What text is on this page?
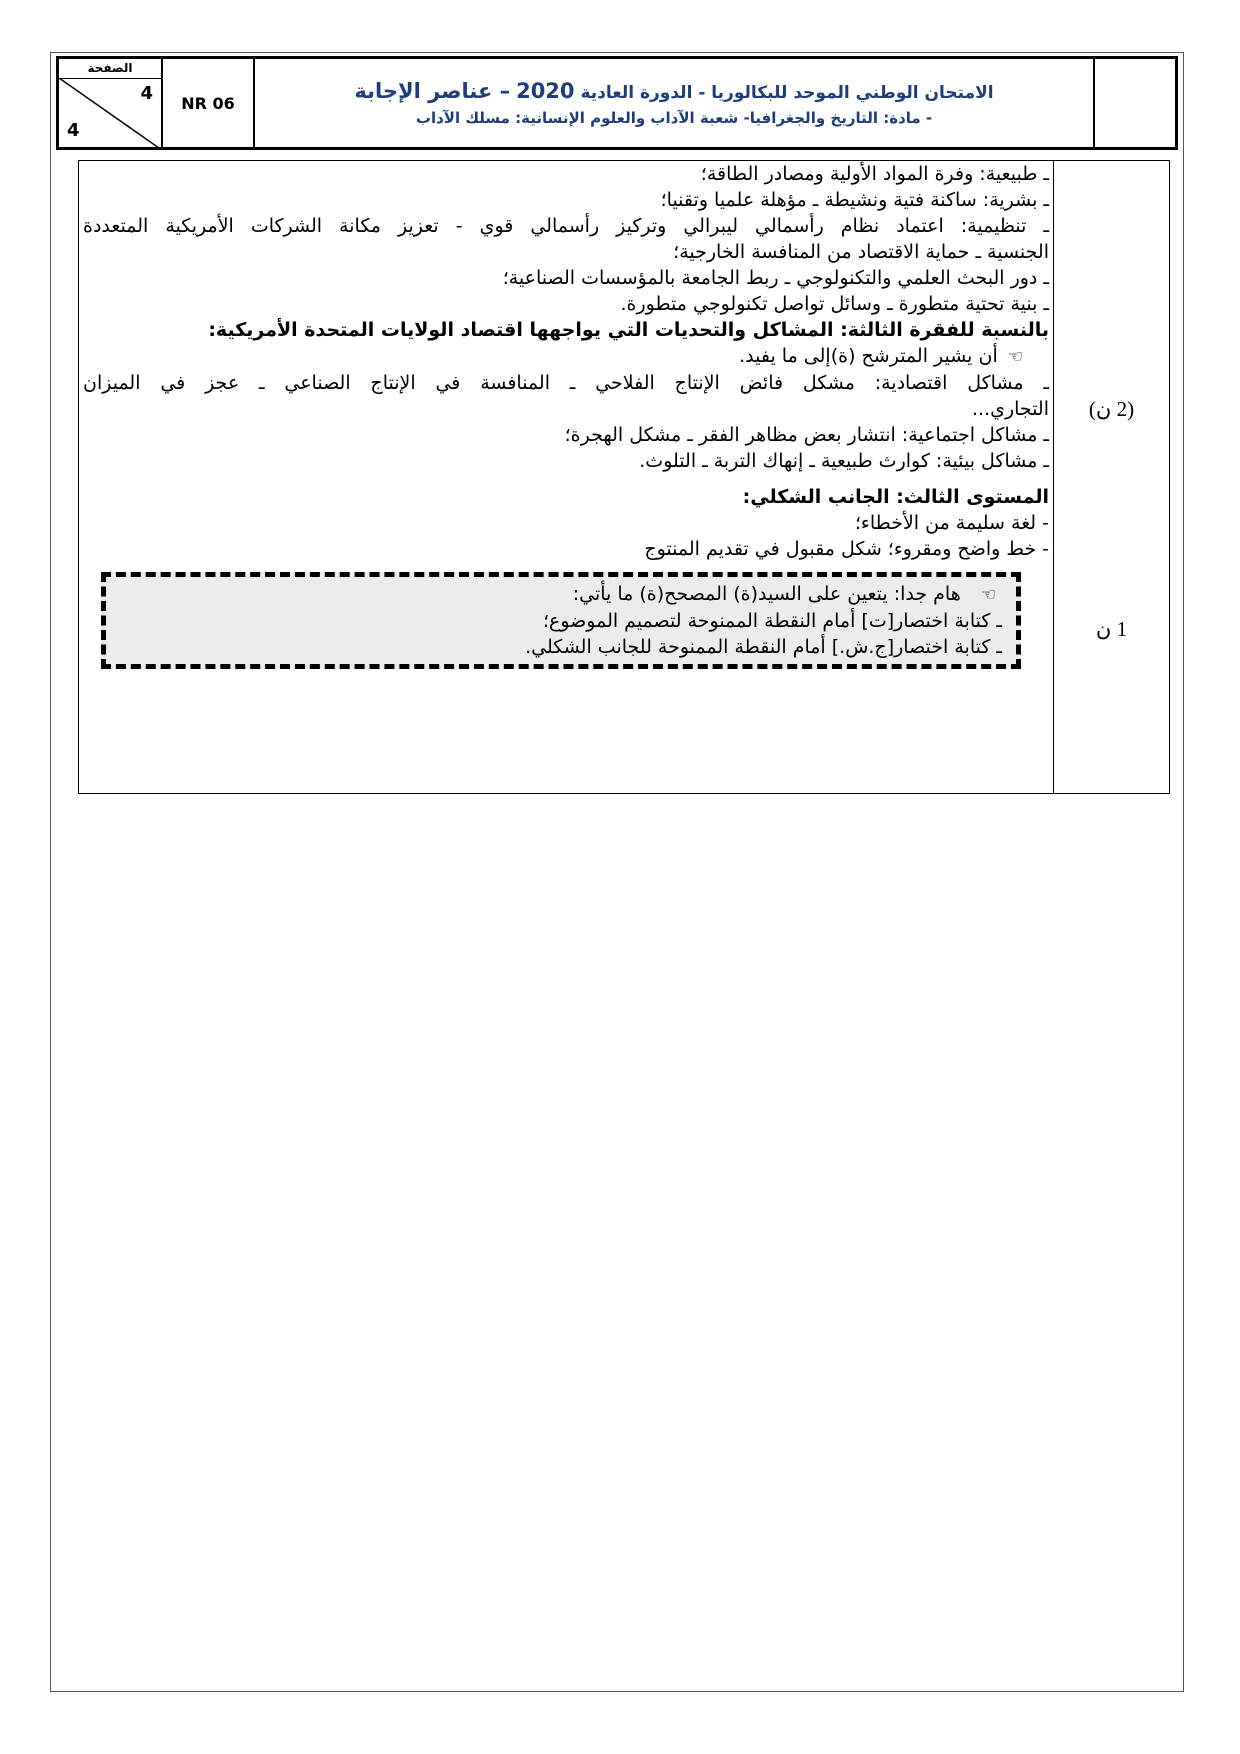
الصفحة
4
4
NR 06	الامتحان الوطني الموحد للبكالوريا - الدورة العادية 2020 – عناصر الإجابة
- مادة: التاريخ والجغرافيا- شعبة الآداب والعلوم الإنسانية: مسلك الآداب
(2 ن)
1 ن
ـ طبيعية: وفرة المواد الأولية ومصادر الطاقة؛
ـ بشرية: ساكنة فتية ونشيطة ـ مؤهلة علميا وتقنيا؛
ـ تنظيمية: اعتماد نظام رأسمالي ليبرالي وتركيز رأسمالي قوي - تعزيز مكانة الشركات الأمريكية المتعددة
الجنسية ـ حماية الاقتصاد من المنافسة الخارجية؛
ـ دور البحث العلمي والتكنولوجي ـ ربط الجامعة بالمؤسسات الصناعية؛
ـ بنية تحتية متطورة ـ وسائل تواصل تكنولوجي متطورة.
بالنسبة للفقرة الثالثة: المشاكل والتحديات التي يواجهها اقتصاد الولايات المتحدة الأمريكية:
☜أن يشير المترشح (ة)إلى ما يفيد.
ـ مشاكل اقتصادية: مشكل فائض الإنتاج الفلاحي ـ المنافسة في الإنتاج الصناعي ـ عجز في الميزان
التجاري...
ـ مشاكل اجتماعية: انتشار بعض مظاهر الفقر ـ مشكل الهجرة؛
ـ مشاكل بيئية: كوارث طبيعية ـ إنهاك التربة ـ التلوث.
المستوى الثالث: الجانب الشكلي:
- لغة سليمة من الأخطاء؛
- خط واضح ومقروء؛ شكل مقبول في تقديم المنتوج
☜هام جدا: يتعين على السيد(ة) المصحح(ة) ما يأتي:
ـ كتابة اختصار[ت] أمام النقطة الممنوحة لتصميم الموضوع؛
ـ كتابة اختصار[ج.ش.] أمام النقطة الممنوحة للجانب الشكلي.
